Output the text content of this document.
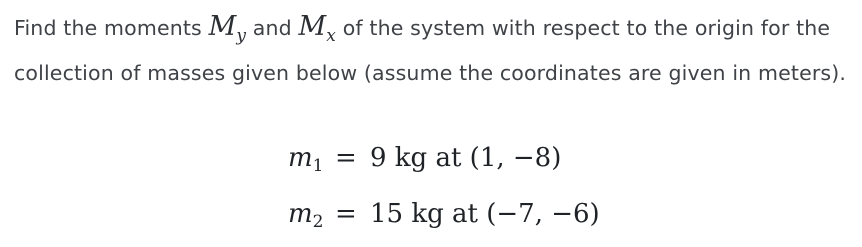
Find the moments $M_y$ and $M_x$ of the system with respect to the origin for the collection of masses given below (assume the coordinates are given in meters).
$m_1 = 9$ kg at (1, −8)
$m_2 = 15$ kg at (−7, −6)
